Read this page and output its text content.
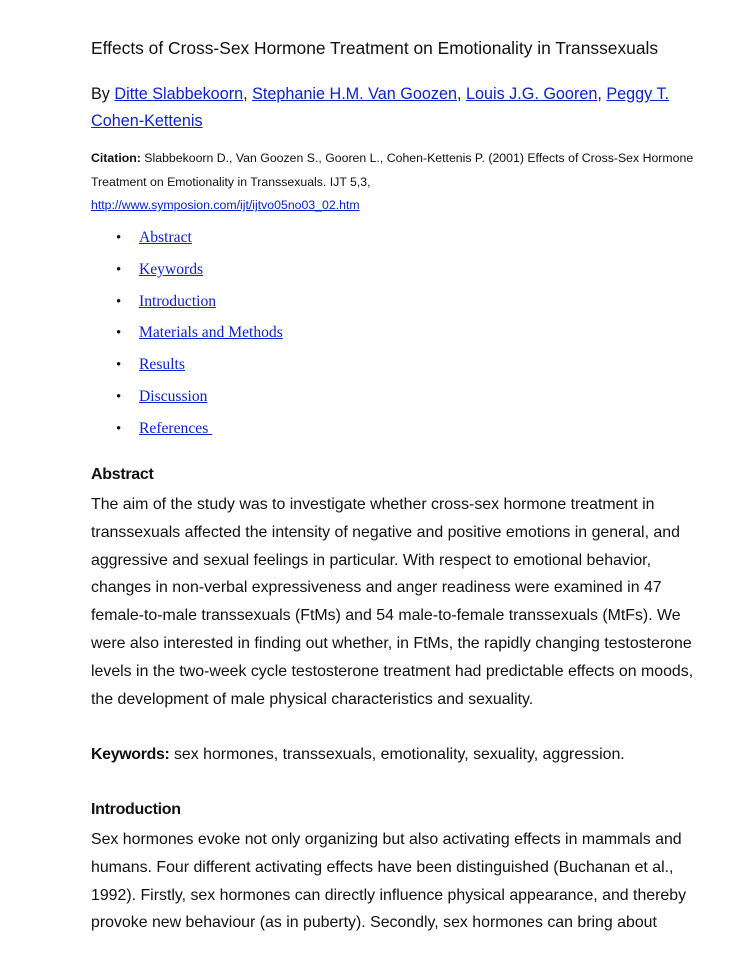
Effects of Cross-Sex Hormone Treatment on Emotionality in Transsexuals
By Ditte Slabbekoorn, Stephanie H.M. Van Goozen, Louis J.G. Gooren, Peggy T. Cohen-Kettenis
Citation: Slabbekoorn D., Van Goozen S., Gooren L., Cohen-Kettenis P. (2001) Effects of Cross-Sex Hormone Treatment on Emotionality in Transsexuals. IJT 5,3,
http://www.symposion.com/ijt/ijtvo05no03_02.htm
• Abstract
• Keywords
• Introduction
• Materials and Methods
• Results
• Discussion
• References
Abstract
The aim of the study was to investigate whether cross-sex hormone treatment in transsexuals affected the intensity of negative and positive emotions in general, and aggressive and sexual feelings in particular. With respect to emotional behavior, changes in non-verbal expressiveness and anger readiness were examined in 47 female-to-male transsexuals (FtMs) and 54 male-to-female transsexuals (MtFs). We were also interested in finding out whether, in FtMs, the rapidly changing testosterone levels in the two-week cycle testosterone treatment had predictable effects on moods, the development of male physical characteristics and sexuality.
Keywords: sex hormones, transsexuals, emotionality, sexuality, aggression.
Introduction
Sex hormones evoke not only organizing but also activating effects in mammals and humans. Four different activating effects have been distinguished (Buchanan et al., 1992). Firstly, sex hormones can directly influence physical appearance, and thereby provoke new behaviour (as in puberty). Secondly, sex hormones can bring about
